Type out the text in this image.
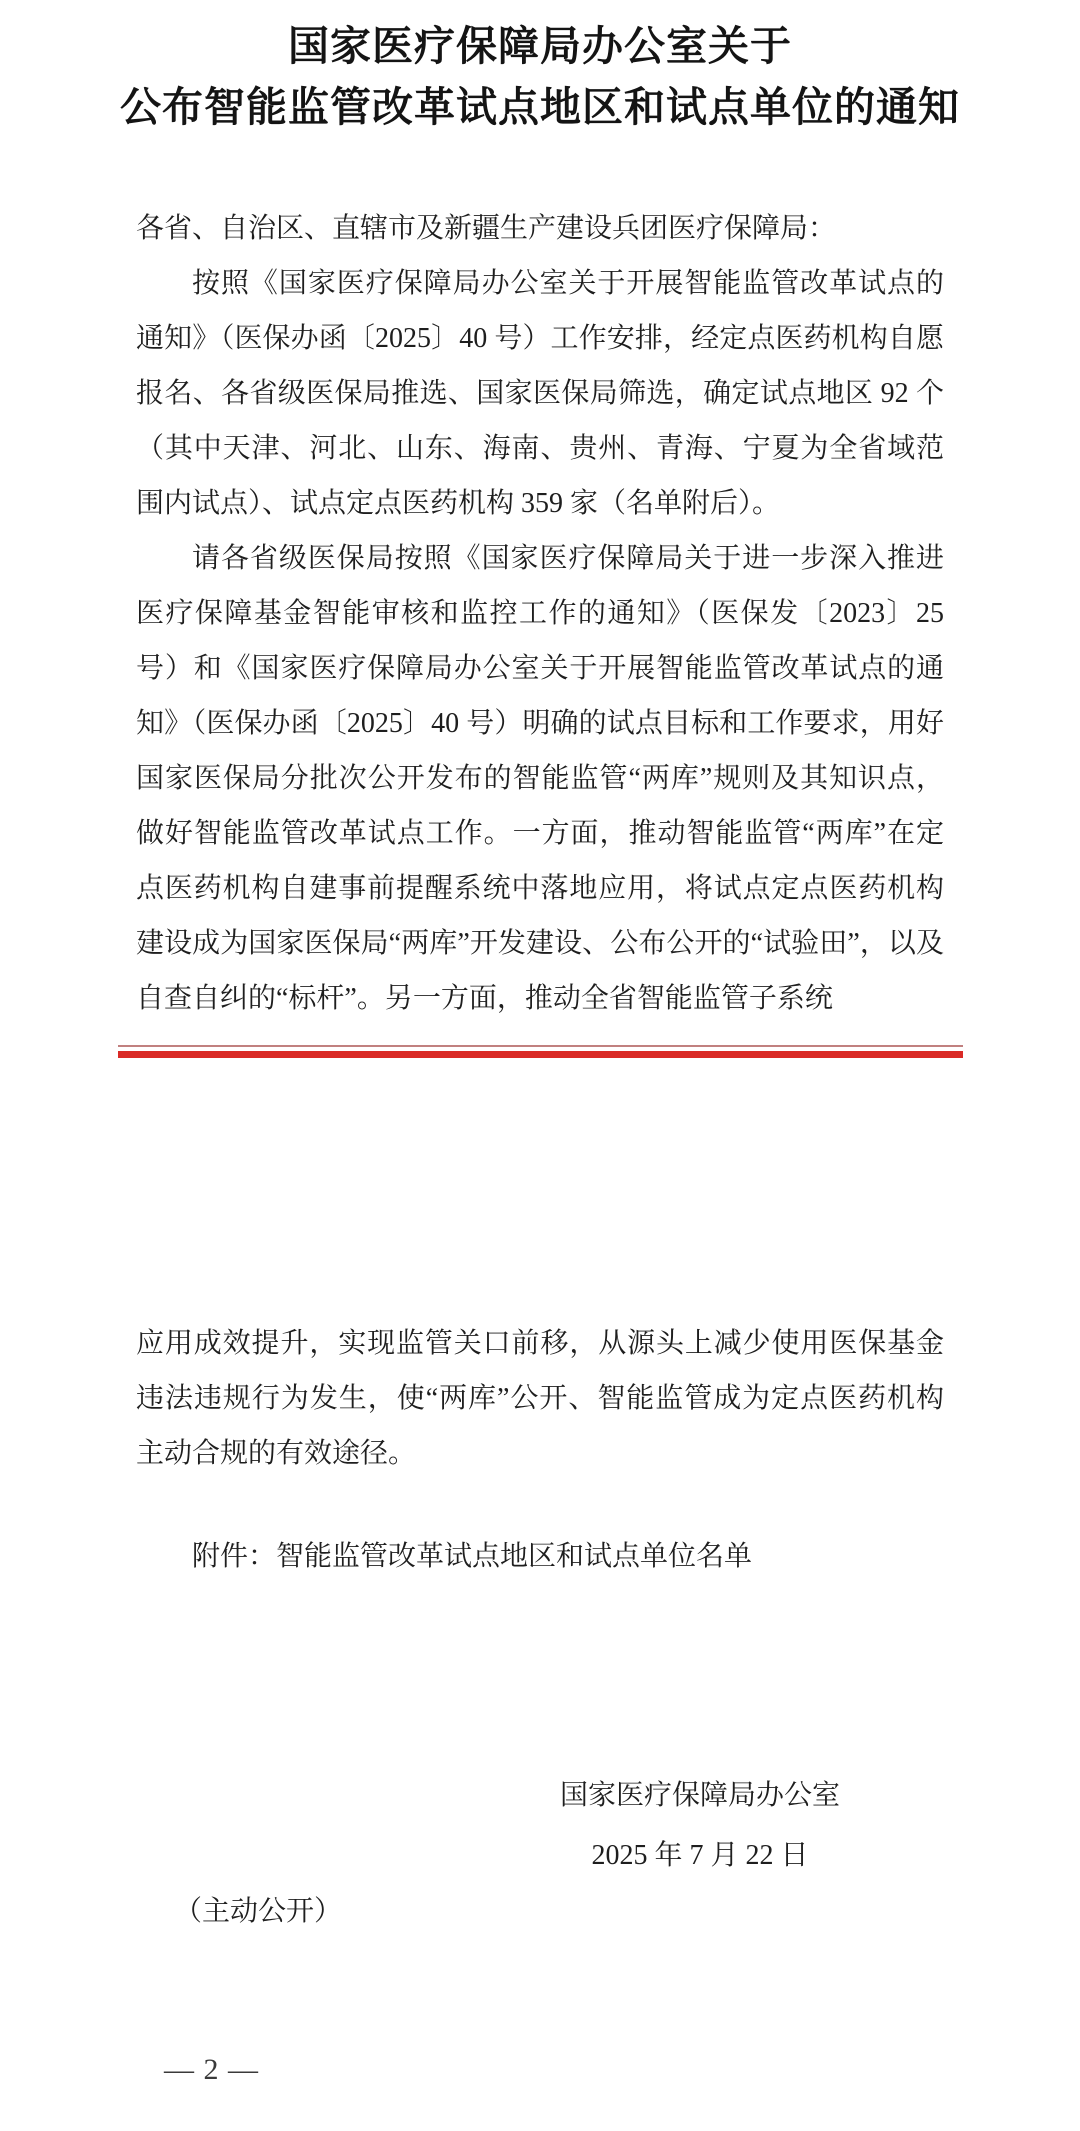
国家医疗保障局办公室关于
公布智能监管改革试点地区和试点单位的通知

各省、自治区、直辖市及新疆生产建设兵团医疗保障局：

按照《国家医疗保障局办公室关于开展智能监管改革试点的通知》（医保办函〔2025〕40 号）工作安排，经定点医药机构自愿报名、各省级医保局推选、国家医保局筛选，确定试点地区 92 个（其中天津、河北、山东、海南、贵州、青海、宁夏为全省域范围内试点）、试点定点医药机构 359 家（名单附后）。

请各省级医保局按照《国家医疗保障局关于进一步深入推进医疗保障基金智能审核和监控工作的通知》（医保发〔2023〕25 号）和《国家医疗保障局办公室关于开展智能监管改革试点的通知》（医保办函〔2025〕40 号）明确的试点目标和工作要求，用好国家医保局分批次公开发布的智能监管“两库”规则及其知识点，做好智能监管改革试点工作。一方面，推动智能监管“两库”在定点医药机构自建事前提醒系统中落地应用，将试点定点医药机构建设成为国家医保局“两库”开发建设、公布公开的“试验田”，以及自查自纠的“标杆”。另一方面，推动全省智能监管子系统

应用成效提升，实现监管关口前移，从源头上减少使用医保基金违法违规行为发生，使“两库”公开、智能监管成为定点医药机构主动合规的有效途径。

附件：智能监管改革试点地区和试点单位名单

国家医疗保障局办公室
2025 年 7 月 22 日

（主动公开）

— 2 —
